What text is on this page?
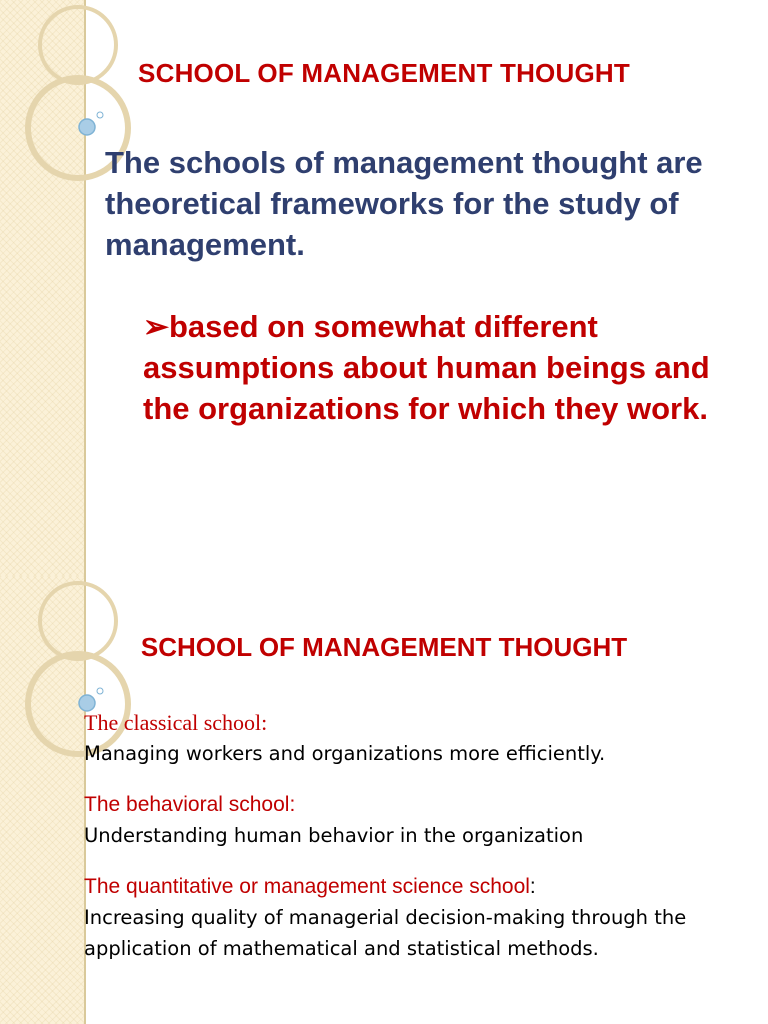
SCHOOL OF MANAGEMENT THOUGHT

The schools of management thought are theoretical frameworks for the study of management.

➢based on somewhat different assumptions about human beings and the organizations for which they work.

SCHOOL OF MANAGEMENT THOUGHT
The classical school:
Managing workers and organizations more efficiently.
The behavioral school:
Understanding human behavior in the organization
The quantitative or management science school:
Increasing quality of managerial decision-making through the application of mathematical and statistical methods.
